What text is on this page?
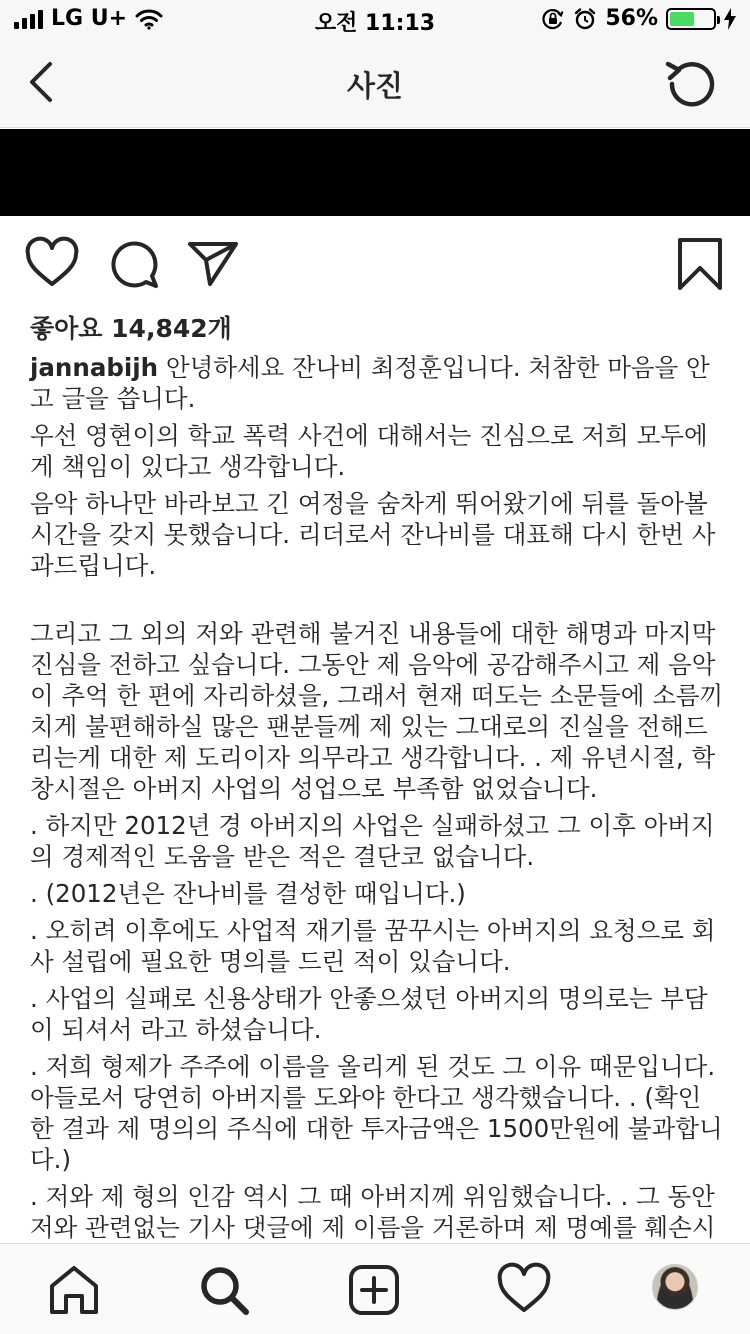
LG U+	오전 11:13	56%
사진
좋아요 14,842개

jannabijh 안녕하세요 잔나비 최정훈입니다. 처참한 마음을 안고 글을 씁니다.

우선 영현이의 학교 폭력 사건에 대해서는 진심으로 저희 모두에게 책임이 있다고 생각합니다.

음악 하나만 바라보고 긴 여정을 숨차게 뛰어왔기에 뒤를 돌아볼 시간을 갖지 못했습니다. 리더로서 잔나비를 대표해 다시 한번 사과드립니다.

그리고 그 외의 저와 관련해 불거진 내용들에 대한 해명과 마지막 진심을 전하고 싶습니다. 그동안 제 음악에 공감해주시고 제 음악이 추억 한 편에 자리하셨을, 그래서 현재 떠도는 소문들에 소름끼치게 불편해하실 많은 팬분들께 제 있는 그대로의 진실을 전해드리는게 대한 제 도리이자 의무라고 생각합니다. . 제 유년시절, 학창시절은 아버지 사업의 성업으로 부족함 없었습니다.

. 하지만 2012년 경 아버지의 사업은 실패하셨고 그 이후 아버지의 경제적인 도움을 받은 적은 결단코 없습니다.

. (2012년은 잔나비를 결성한 때입니다.)

. 오히려 이후에도 사업적 재기를 꿈꾸시는 아버지의 요청으로 회사 설립에 필요한 명의를 드린 적이 있습니다.

. 사업의 실패로 신용상태가 안좋으셨던 아버지의 명의로는 부담이 되셔서 라고 하셨습니다.

. 저희 형제가 주주에 이름을 올리게 된 것도 그 이유 때문입니다. 아들로서 당연히 아버지를 도와야 한다고 생각했습니다. . (확인한 결과 제 명의의 주식에 대한 투자금액은 1500만원에 불과합니다.)

. 저와 제 형의 인감 역시 그 때 아버지께 위임했습니다. . 그 동안 저와 관련없는 기사 댓글에 제 이름을 거론하며 제 명예를 훼손시
